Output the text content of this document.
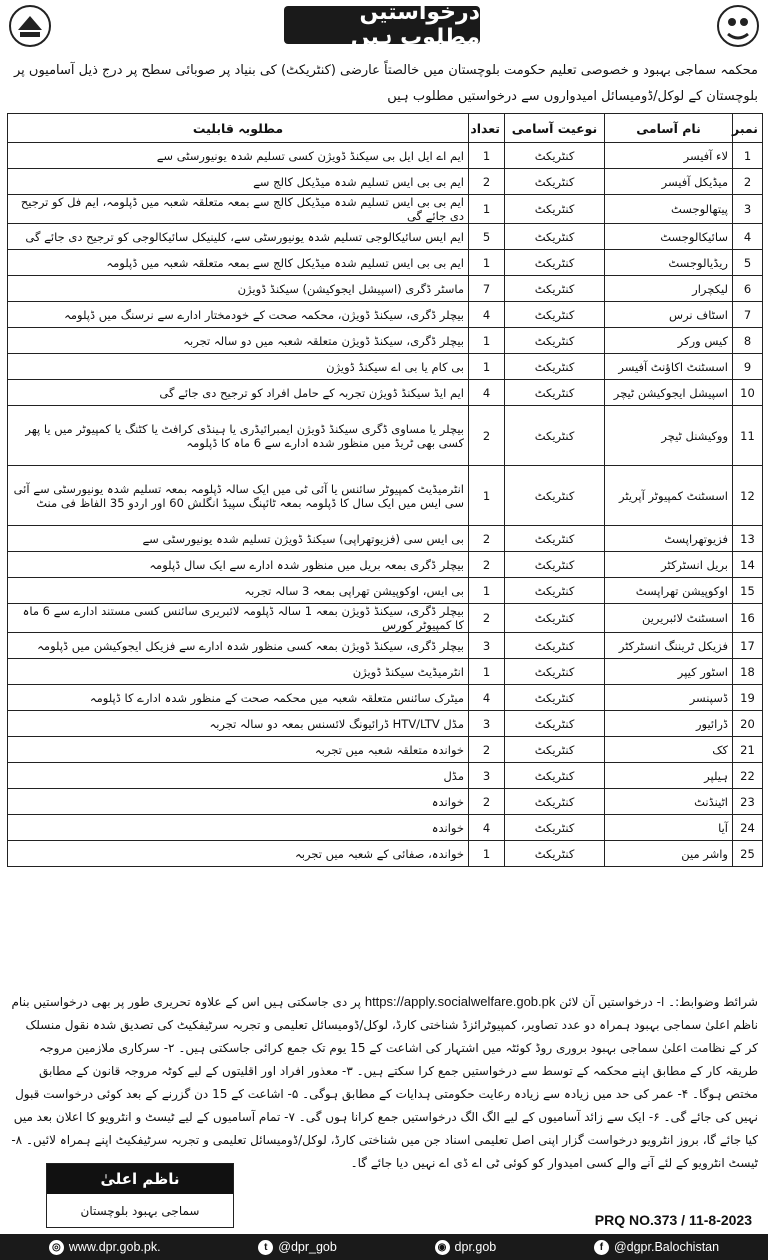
درخواستیں مطلوب ہیں
محکمہ سماجی بہبود و خصوصی تعلیم حکومت بلوچستان میں خالصتاً عارضی (کنٹریکٹ) کی بنیاد پر صوبائی سطح پر درج ذیل آسامیوں پر بلوچستان کے لوکل/ڈومیسائل امیدواروں سے درخواستیں مطلوب ہیں
نمبر	نام آسامی	نوعیت آسامی	تعداد	مطلوبہ قابلیت
1	لاء آفیسر	کنٹریکٹ	1	ایم اے ایل ایل بی سیکنڈ ڈویژن کسی تسلیم شدہ یونیورسٹی سے
2	میڈیکل آفیسر	کنٹریکٹ	2	ایم بی بی ایس تسلیم شدہ میڈیکل کالج سے
3	پیتھالوجسٹ	کنٹریکٹ	1	ایم بی بی ایس تسلیم شدہ میڈیکل کالج سے بمعہ متعلقہ شعبہ میں ڈپلومہ، ایم فل کو ترجیح دی جائے گی
4	سائیکالوجسٹ	کنٹریکٹ	5	ایم ایس سائیکالوجی تسلیم شدہ یونیورسٹی سے، کلینیکل سائیکالوجی کو ترجیح دی جائے گی
5	ریڈیالوجسٹ	کنٹریکٹ	1	ایم بی بی ایس تسلیم شدہ میڈیکل کالج سے بمعہ متعلقہ شعبہ میں ڈپلومہ
6	لیکچرار	کنٹریکٹ	7	ماسٹر ڈگری (اسپیشل ایجوکیشن) سیکنڈ ڈویژن
7	اسٹاف نرس	کنٹریکٹ	4	بیچلر ڈگری، سیکنڈ ڈویژن، محکمہ صحت کے خودمختار ادارے سے نرسنگ میں ڈپلومہ
8	کیس ورکر	کنٹریکٹ	1	بیچلر ڈگری، سیکنڈ ڈویژن متعلقہ شعبہ میں دو سالہ تجربہ
9	اسسٹنٹ اکاؤنٹ آفیسر	کنٹریکٹ	1	بی کام یا بی اے سیکنڈ ڈویژن
10	اسپیشل ایجوکیشن ٹیچر	کنٹریکٹ	4	ایم ایڈ سیکنڈ ڈویژن تجربہ کے حامل افراد کو ترجیح دی جائے گی
11	ووکیشنل ٹیچر	کنٹریکٹ	2	بیچلر یا مساوی ڈگری سیکنڈ ڈویژن ایمبرائیڈری یا ہینڈی کرافٹ یا کٹنگ یا کمپیوٹر میں یا پھر کسی بھی ٹریڈ میں منظور شدہ ادارے سے 6 ماہ کا ڈپلومہ
12	اسسٹنٹ کمپیوٹر آپریٹر	کنٹریکٹ	1	انٹرمیڈیٹ کمپیوٹر سائنس یا آئی ٹی میں ایک سالہ ڈپلومہ بمعہ تسلیم شدہ یونیورسٹی سے آئی سی ایس میں ایک سال کا ڈپلومہ بمعہ ٹائپنگ سپیڈ انگلش 60 اور اردو 35 الفاظ فی منٹ
13	فزیوتھراپسٹ	کنٹریکٹ	2	بی ایس سی (فزیوتھراپی) سیکنڈ ڈویژن تسلیم شدہ یونیورسٹی سے
14	بریل انسٹرکٹر	کنٹریکٹ	2	بیچلر ڈگری بمعہ بریل میں منظور شدہ ادارے سے ایک سال ڈپلومہ
15	اوکوپیشن تھراپسٹ	کنٹریکٹ	1	بی ایس، اوکوپیشن تھراپی بمعہ 3 سالہ تجربہ
16	اسسٹنٹ لائبریرین	کنٹریکٹ	2	بیچلر ڈگری، سیکنڈ ڈویژن بمعہ 1 سالہ ڈپلومہ لائبریری سائنس کسی مستند ادارے سے 6 ماہ کا کمپیوٹر کورس
17	فزیکل ٹریننگ انسٹرکٹر	کنٹریکٹ	3	بیچلر ڈگری، سیکنڈ ڈویژن بمعہ کسی منظور شدہ ادارے سے فزیکل ایجوکیشن میں ڈپلومہ
18	اسٹور کیپر	کنٹریکٹ	1	انٹرمیڈیٹ سیکنڈ ڈویژن
19	ڈسپنسر	کنٹریکٹ	4	میٹرک سائنس متعلقہ شعبہ میں محکمہ صحت کے منظور شدہ ادارے کا ڈپلومہ
20	ڈرائیور	کنٹریکٹ	3	مڈل HTV/LTV ڈرائیونگ لائسنس بمعہ دو سالہ تجربہ
21	کک	کنٹریکٹ	2	خواندہ متعلقہ شعبہ میں تجربہ
22	ہیلپر	کنٹریکٹ	3	مڈل
23	اٹینڈنٹ	کنٹریکٹ	2	خواندہ
24	آیا	کنٹریکٹ	4	خواندہ
25	واشر مین	کنٹریکٹ	1	خواندہ، صفائی کے شعبہ میں تجربہ
شرائط وضوابط:۔ ا- درخواستیں آن لائن https://apply.socialwelfare.gob.pk پر دی جاسکتی ہیں اس کے علاوہ تحریری طور پر بھی درخواستیں بنام ناظم اعلیٰ سماجی بہبود ہمراہ دو عدد تصاویر، کمپیوٹرائزڈ شناختی کارڈ، لوکل/ڈومیسائل تعلیمی و تجربہ سرٹیفکیٹ کی تصدیق شدہ نقول منسلک کر کے نظامت اعلیٰ سماجی بہبود بروری روڈ کوئٹہ میں اشتہار کی اشاعت کے 15 یوم تک جمع کرائی جاسکتی ہیں۔ ۲- سرکاری ملازمین مروجہ طریقہ کار کے مطابق اپنے محکمہ کے توسط سے درخواستیں جمع کرا سکتے ہیں۔ ۳- معذور افراد اور اقلیتوں کے لیے کوٹہ مروجہ قانون کے مطابق مختص ہوگا۔ ۴- عمر کی حد میں زیادہ سے زیادہ رعایت حکومتی ہدایات کے مطابق ہوگی۔ ۵- اشاعت کے 15 دن گزرنے کے بعد کوئی درخواست قبول نہیں کی جائے گی۔ ۶- ایک سے زائد آسامیوں کے لیے الگ الگ درخواستیں جمع کرانا ہوں گی۔ ۷- تمام آسامیوں کے لیے ٹیسٹ و انٹرویو کا اعلان بعد میں کیا جائے گا، بروز انٹرویو درخواست گزار اپنی اصل تعلیمی اسناد جن میں شناختی کارڈ، لوکل/ڈومیسائل تعلیمی و تجربہ سرٹیفکیٹ اپنے ہمراہ لائیں۔ ۸- ٹیسٹ انٹرویو کے لئے آنے والے کسی امیدوار کو کوئی ٹی اے ڈی اے نہیں دیا جائے گا۔
ناظم اعلیٰ
سماجی بہبود بلوچستان
PRQ NO.373 / 11-8-2023
◎ www.dpr.gob.pk.	t @dpr_gob	◉ dpr.gob	f @dgpr.Balochistan
